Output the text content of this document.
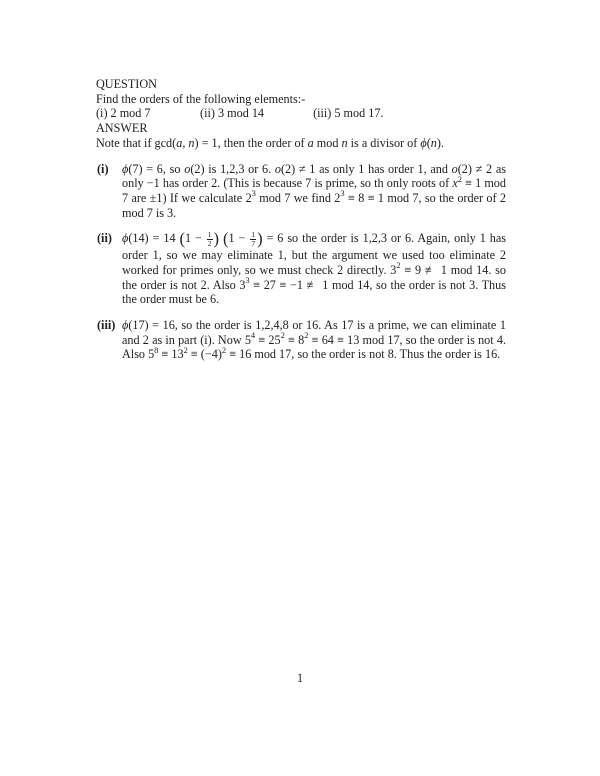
QUESTION
Find the orders of the following elements:-
(i) 2 mod 7	(ii) 3 mod 14	(iii) 5 mod 17.
ANSWER
Note that if gcd(a, n) = 1, then the order of a mod n is a divisor of ϕ(n).
(i) ϕ(7) = 6, so o(2) is 1,2,3 or 6. o(2) ≠ 1 as only 1 has order 1, and o(2) ≠ 2 as only −1 has order 2. (This is because 7 is prime, so th only roots of $x^2 \equiv 1$ mod 7 are ±1) If we calculate $2^3$ mod 7 we find $2^3 \equiv 8 \equiv 1$ mod 7, so the order of 2 mod 7 is 3.
(ii) ϕ(14) = 14 ($1 - \frac{1}{2}$ ) ($1 - \frac{1}{7}$ ) = 6 so the order is 1,2,3 or 6. Again, only 1 has order 1, so we may eliminate 1, but the argument we used too eliminate 2 worked for primes only, so we must check 2 directly. $3^2 \equiv 9$ ≢ 1 mod 14. so the order is not 2. Also $3^3 \equiv 27 \equiv -1$ ≢ 1 mod 14, so the order is not 3. Thus the order must be 6.
(iii) ϕ(17) = 16, so the order is 1,2,4,8 or 16. As 17 is a prime, we can eliminate 1 and 2 as in part (i). Now $5^4 \equiv 25^2 \equiv 8^2 \equiv 64 \equiv 13$ mod 17, so the order is not 4. Also $5^8 \equiv 13^2 \equiv (-4)^2 \equiv 16$ mod 17, so the order is not 8. Thus the order is 16.
1
